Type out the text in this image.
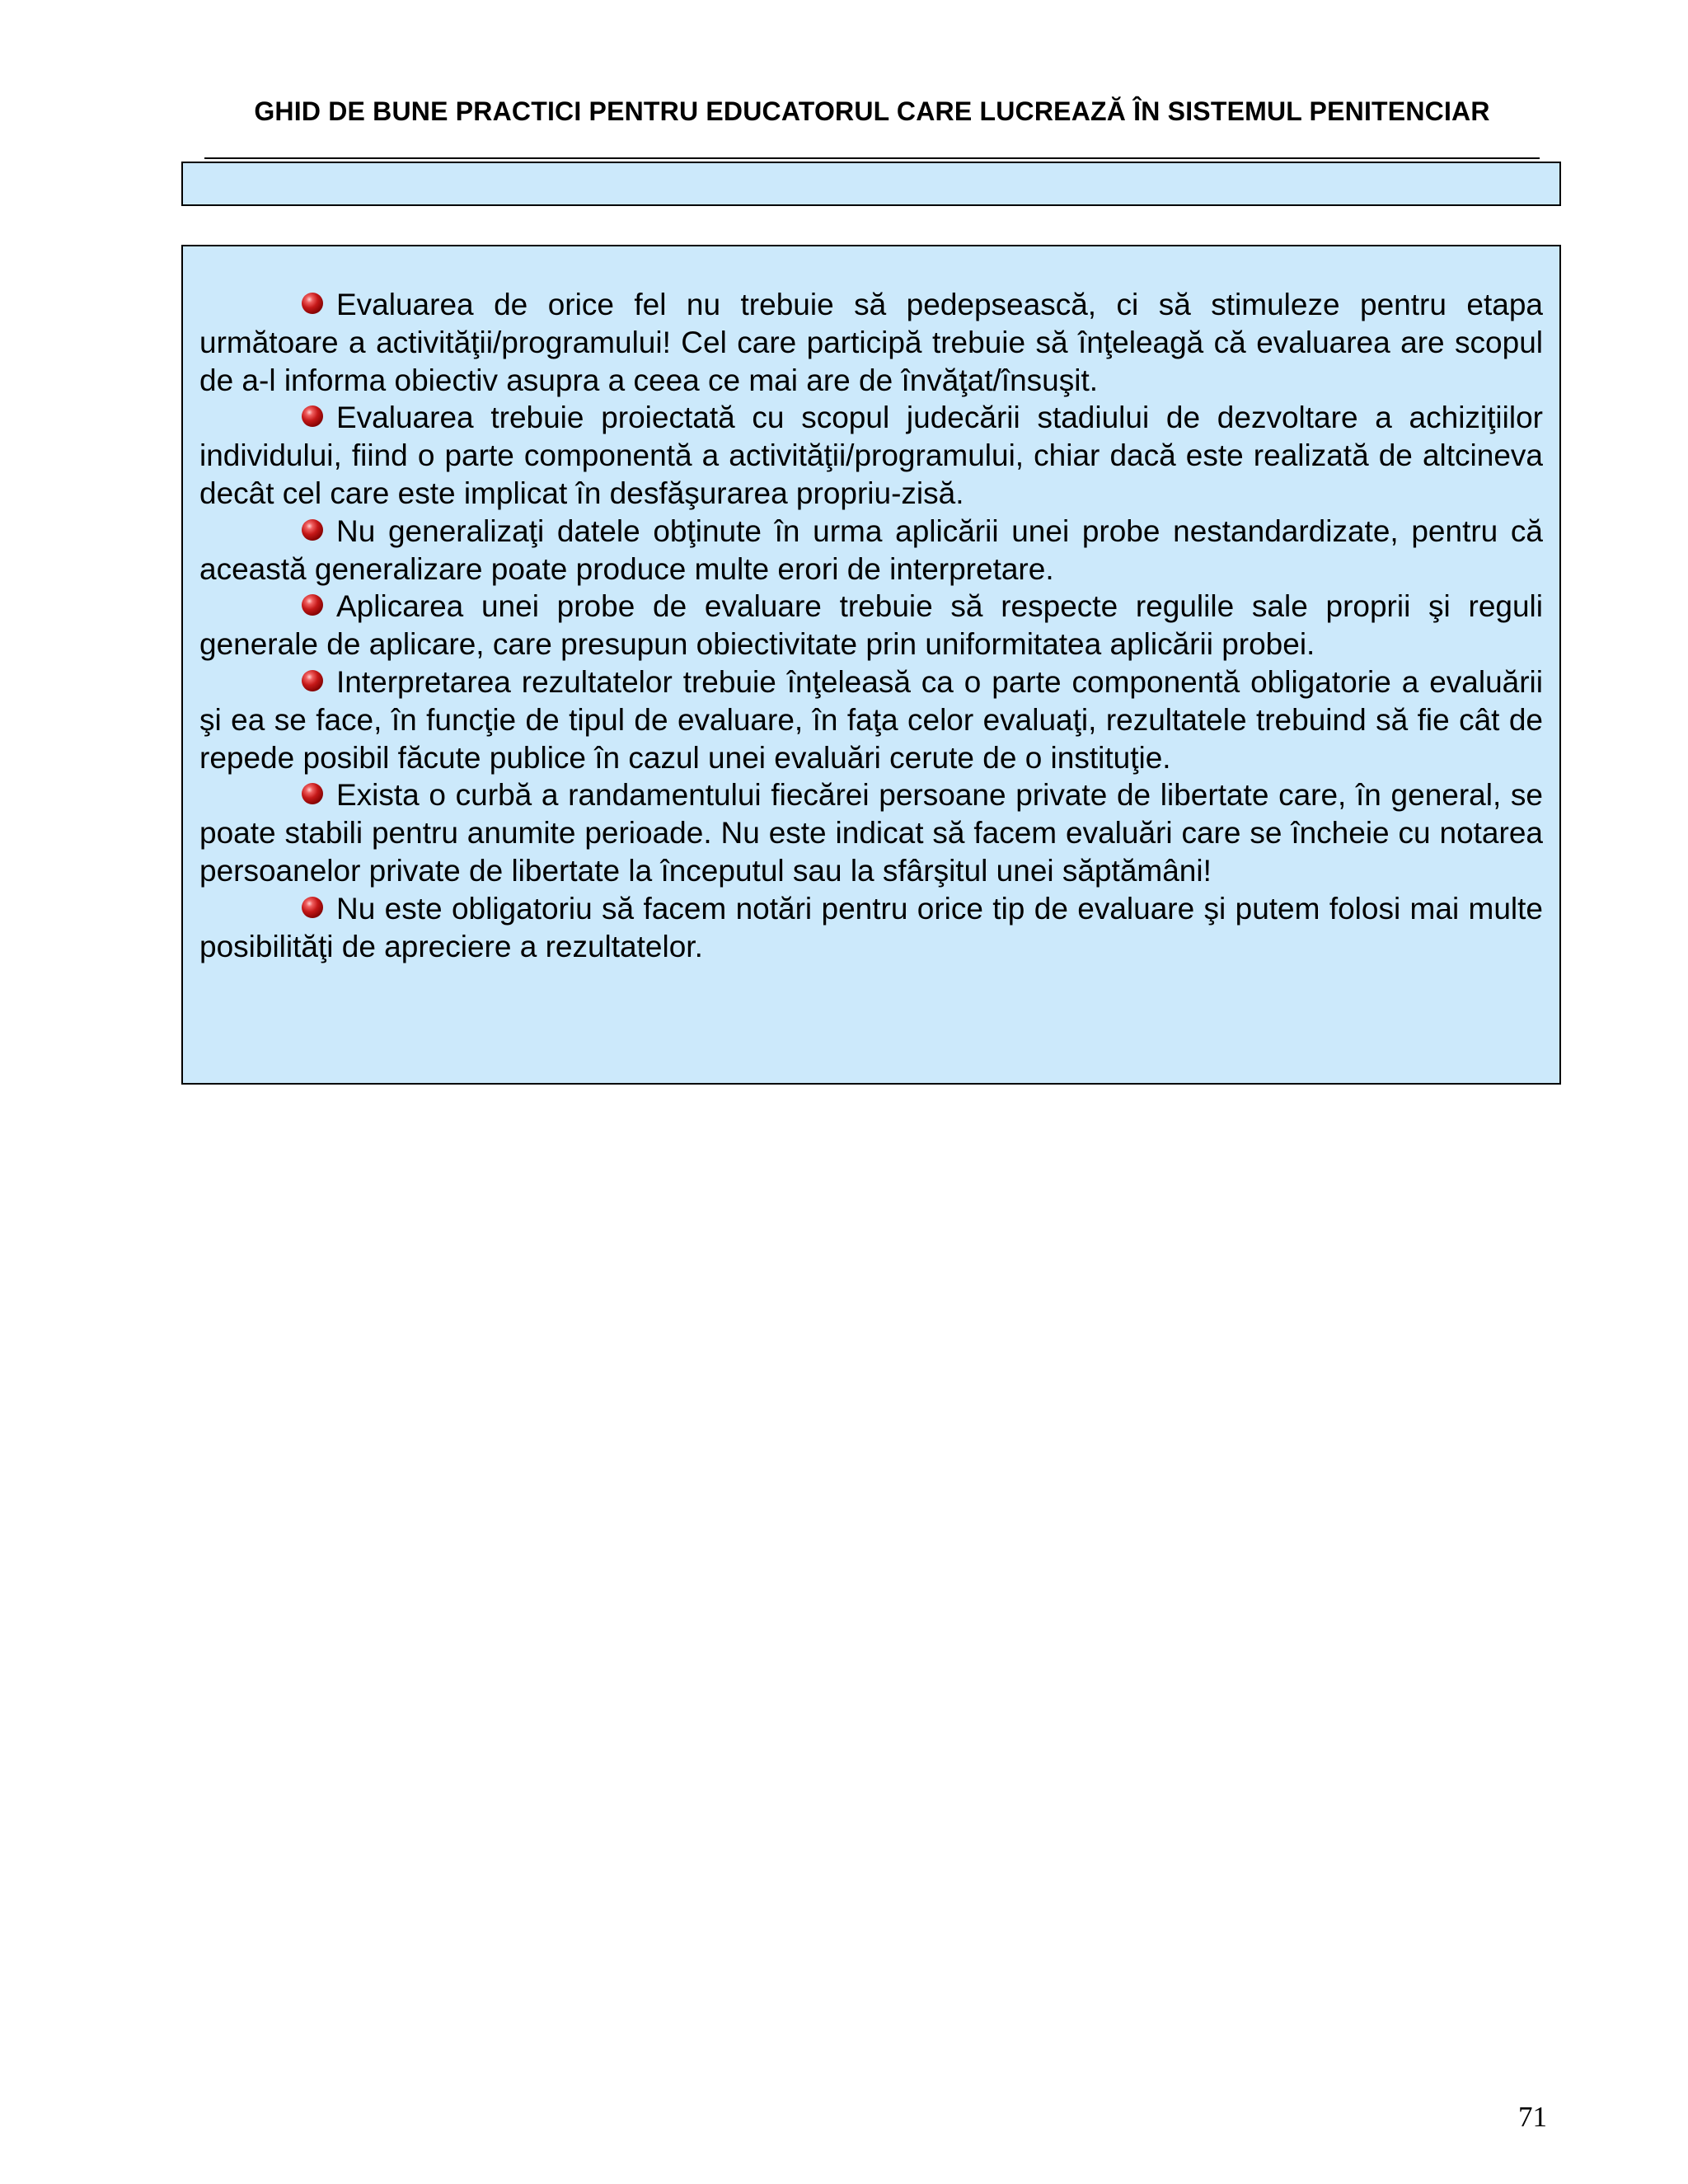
GHID DE BUNE PRACTICI PENTRU EDUCATORUL CARE LUCREAZĂ ÎN SISTEMUL PENITENCIAR

Evaluarea de orice fel nu trebuie să pedepsească, ci să stimuleze pentru etapa următoare a activităţii/programului! Cel care participă trebuie să înţeleagă că evaluarea are scopul de a-l informa obiectiv asupra a ceea ce mai are de învăţat/însuşit.

Evaluarea trebuie proiectată cu scopul judecării stadiului de dezvoltare a achiziţiilor individului, fiind o parte componentă a activităţii/programului, chiar dacă este realizată de altcineva decât cel care este implicat în desfăşurarea propriu-zisă.

Nu generalizaţi datele obţinute în urma aplicării unei probe nestandardizate, pentru că această generalizare poate produce multe erori de interpretare.

Aplicarea unei probe de evaluare trebuie să respecte regulile sale proprii şi reguli generale de aplicare, care presupun obiectivitate prin uniformitatea aplicării probei.

Interpretarea rezultatelor trebuie înţeleasă ca o parte componentă obligatorie a evaluării şi ea se face, în funcţie de tipul de evaluare, în faţa celor evaluaţi, rezultatele trebuind să fie cât de repede posibil făcute publice în cazul unei evaluări cerute de o instituţie.

Exista o curbă a randamentului fiecărei persoane private de libertate care, în general, se poate stabili pentru anumite perioade. Nu este indicat să facem evaluări care se încheie cu notarea persoanelor private de libertate la începutul sau la sfârşitul unei săptămâni!

Nu este obligatoriu să facem notări pentru orice tip de evaluare şi putem folosi mai multe posibilităţi de apreciere a rezultatelor.

71
